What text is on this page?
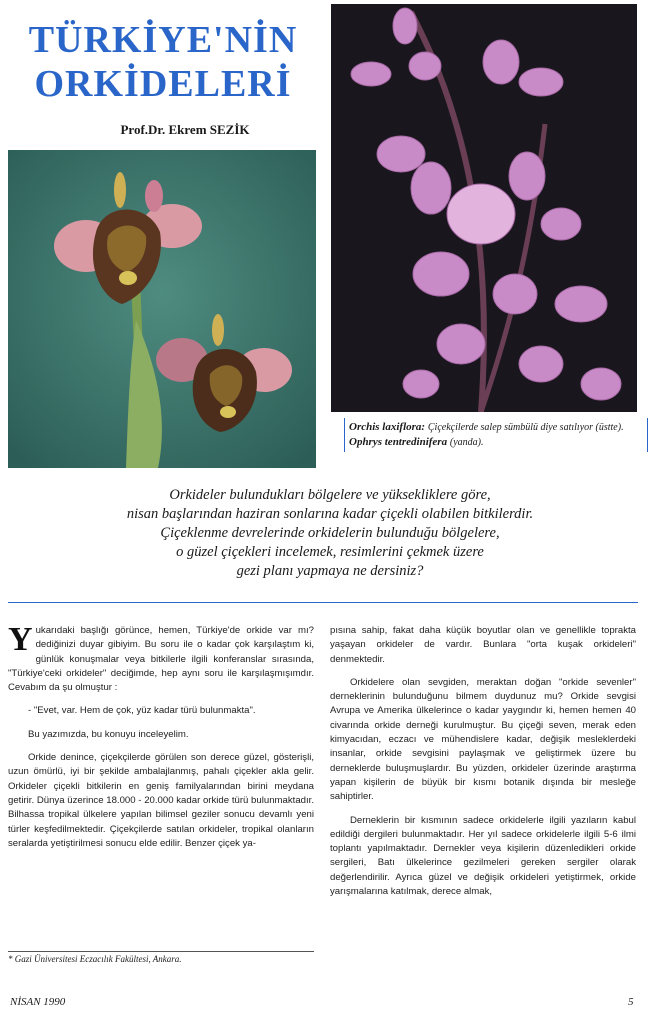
TÜRKİYE'NİN
ORKİDELERİ

Prof.Dr. Ekrem SEZİK

Orchis laxiflora: Çiçekçilerde salep sümbülü diye satılıyor (üstte).

Ophrys tentredinifera (yanda).

Orkideler bulundukları bölgelere ve yüksekliklere göre,

nisan başlarından haziran sonlarına kadar çiçekli olabilen bitkilerdir.

Çiçeklenme devrelerinde orkidelerin bulunduğu bölgelere,

o güzel çiçekleri incelemek, resimlerini çekmek üzere

gezi planı yapmaya ne dersiniz?

Yukarıdaki başlığı görünce, hemen, Türkiye'de orkide var mı? dediğinizi duyar gibiyim. Bu soru ile o kadar çok karşılaştım ki, günlük konuşmalar veya bitkilerle ilgili konferanslar sırasında, "Türkiye'ceki orkideler" deciğimde, hep aynı soru ile karşılaşmışımdır. Cevabım da şu olmuştur :

- "Evet, var. Hem de çok, yüz kadar türü bulunmakta".

Bu yazımızda, bu konuyu inceleyelim.

Orkide denince, çiçekçilerde görülen son derece güzel, gösterişli, uzun ömürlü, iyi bir şekilde ambalajlanmış, pahalı çiçekler akla gelir. Orkideler çiçekli bitkilerin en geniş familyalarından birini meydana getirir. Dünya üzerince 18.000 - 20.000 kadar orkide türü bulunmaktadır. Bilhassa tropikal ülkelere yapılan bilimsel geziler sonucu devamlı yeni türler keşfedilmektedir. Çiçekçilerde satılan orkideler, tropikal olanların seralarda yetiştirilmesi sonucu elde edilir. Benzer çiçek ya-

pısına sahip, fakat daha küçük boyutlar olan ve genellikle toprakta yaşayan orkideler de vardır. Bunlara "orta kuşak orkideleri" denmektedir.

Orkidelere olan sevgiden, meraktan doğan "orkide sevenler" derneklerinin bulunduğunu bilmem duydunuz mu? Orkide sevgisi Avrupa ve Amerika ülkelerince o kadar yaygındır ki, hemen hemen 40 civarında orkide derneği kurulmuştur. Bu çiçeği seven, merak eden kimyacıdan, eczacı ve mühendislere kadar, değişik mesleklerdeki insanlar, orkide sevgisini paylaşmak ve geliştirmek üzere bu derneklerde buluşmuşlardır. Bu yüzden, orkideler üzerinde araştırma yapan kişilerin de büyük bir kısmı botanik dışında bir mesleğe sahiptirler.

Derneklerin bir kısmının sadece orkidelerle ilgili yazıların kabul edildiği dergileri bulunmaktadır. Her yıl sadece orkidelerle ilgili 5-6 ilmi toplantı yapılmaktadır. Dernekler veya kişilerin düzenledikleri orkide sergileri, Batı ülkelerince gezilmeleri gereken sergiler olarak değerlendirilir. Ayrıca güzel ve değişik orkideleri yetiştirmek, orkide yarışmalarına katılmak, derece almak,

* Gazi Üniversitesi Eczacılık Fakültesi, Ankara.
NİSAN 1990	5
